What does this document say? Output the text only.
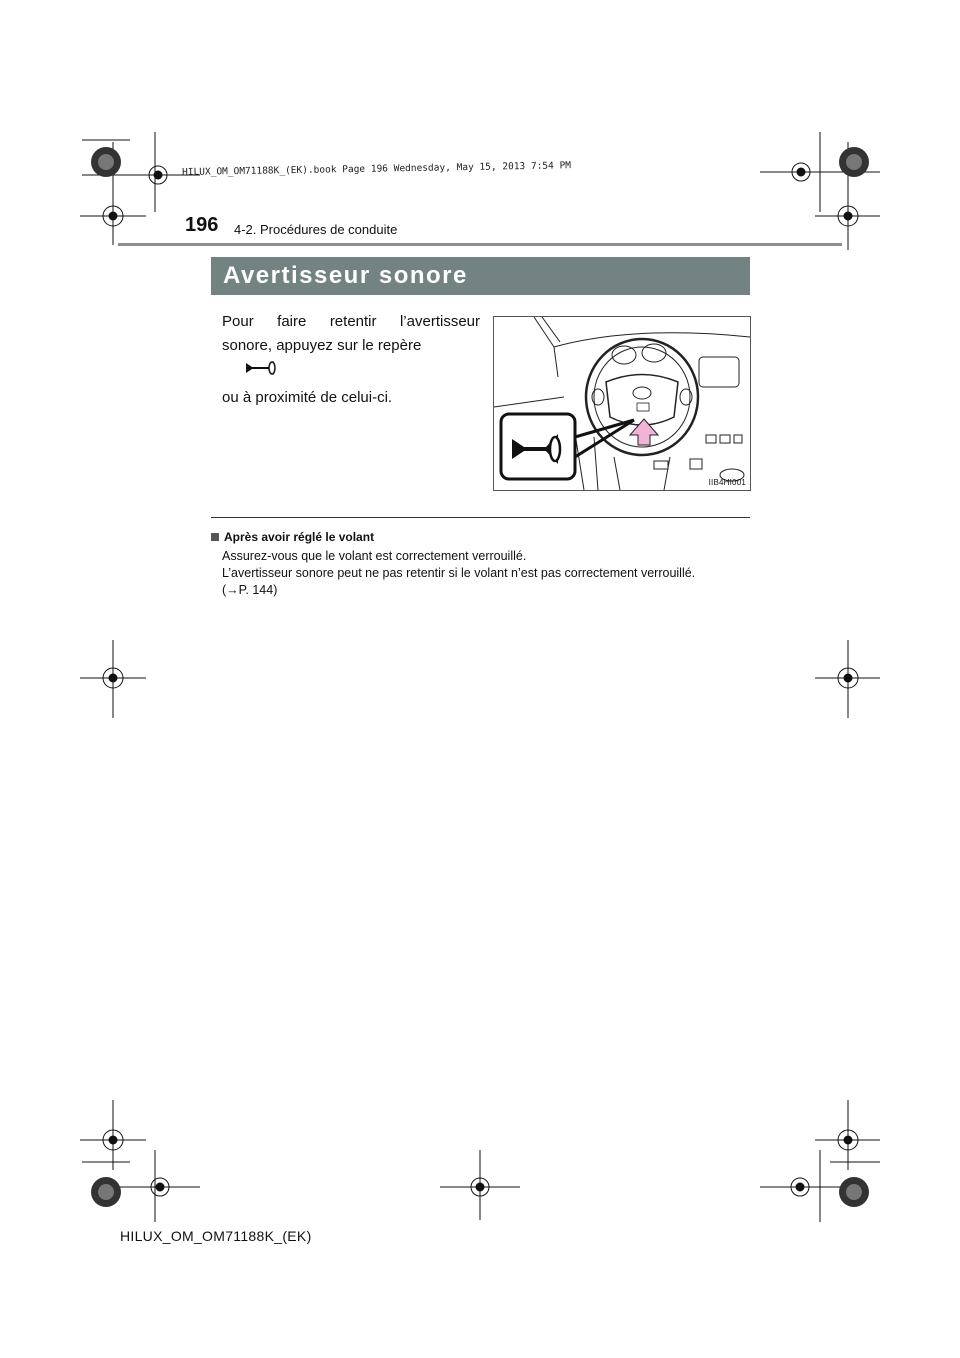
196 4-2. Procédures de conduite
HILUX_OM_OM71188K_(EK).book Page 196 Wednesday, May 15, 2013 7:54 PM
Avertisseur sonore
Pour faire retentir l’avertisseur
sonore, appuyez sur le repère
ou à proximité de celui-ci.
IIB4HI001
Après avoir réglé le volant
Assurez-vous que le volant est correctement verrouillé.
L’avertisseur sonore peut ne pas retentir si le volant n’est pas correctement verrouillé.
(→P. 144)
HILUX_OM_OM71188K_(EK)
